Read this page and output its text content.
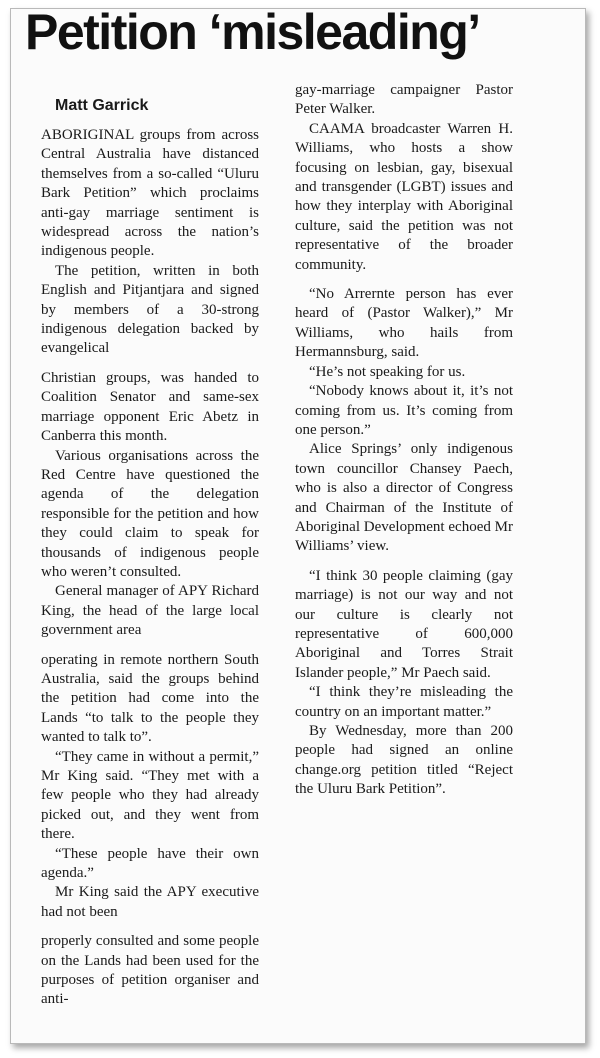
Petition ‘misleading’
Matt Garrick

ABORIGINAL groups from across Central Australia have distanced themselves from a so-called “Uluru Bark Petition” which proclaims anti-gay marriage sentiment is widespread across the nation’s indigenous people.

The petition, written in both English and Pitjantjara and signed by members of a 30-strong indigenous delegation backed by evangelical

Christian groups, was handed to Coalition Senator and same-sex marriage opponent Eric Abetz in Canberra this month.

Various organisations across the Red Centre have questioned the agenda of the delegation responsible for the petition and how they could claim to speak for thousands of indigenous people who weren’t consulted.

General manager of APY Richard King, the head of the large local government area

operating in remote northern South Australia, said the groups behind the petition had come into the Lands “to talk to the people they wanted to talk to”.

“They came in without a permit,” Mr King said. “They met with a few people who they had already picked out, and they went from there.

“These people have their own agenda.”

Mr King said the APY executive had not been

properly consulted and some people on the Lands had been used for the purposes of petition organiser and anti-

gay-marriage campaigner Pastor Peter Walker.

CAAMA broadcaster Warren H. Williams, who hosts a show focusing on lesbian, gay, bisexual and transgender (LGBT) issues and how they interplay with Aboriginal culture, said the petition was not representative of the broader community.

“No Arrernte person has ever heard of (Pastor Walker),” Mr Williams, who hails from Hermannsburg, said.

“He’s not speaking for us.

“Nobody knows about it, it’s not coming from us. It’s coming from one person.”

Alice Springs’ only indigenous town councillor Chansey Paech, who is also a director of Congress and Chairman of the Institute of Aboriginal Development echoed Mr Williams’ view.

“I think 30 people claiming (gay marriage) is not our way and not our culture is clearly not representative of 600,000 Aboriginal and Torres Strait Islander people,” Mr Paech said.

“I think they’re misleading the country on an important matter.”

By Wednesday, more than 200 people had signed an online change.org petition titled “Reject the Uluru Bark Petition”.
